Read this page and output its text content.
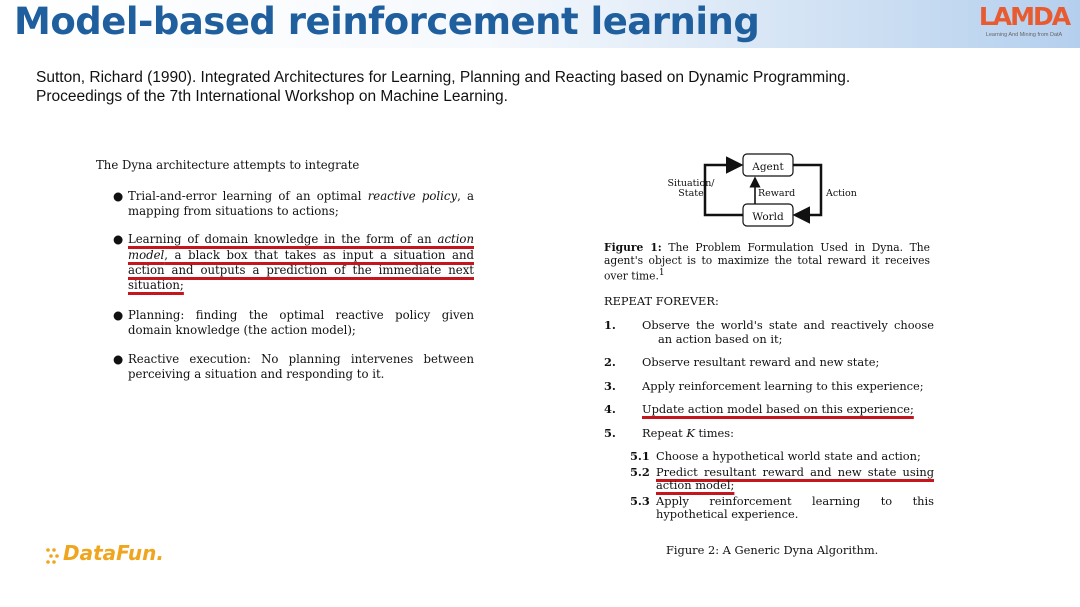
Model-based reinforcement learning	LAMDA
Learning And Mining from DatA
Sutton, Richard (1990). Integrated Architectures for Learning, Planning and Reacting based on Dynamic Programming.
Proceedings of the 7th International Workshop on Machine Learning.

The Dyna architecture attempts to integrate

● Trial-and-error learning of an optimal reactive policy, a mapping from situations to actions;
● Learning of domain knowledge in the form of an action model, a black box that takes as input a situation and action and outputs a prediction of the immediate next situation;
● Planning: finding the optimal reactive policy given domain knowledge (the action model);
● Reactive execution: No planning intervenes between perceiving a situation and responding to it.
Agent
World
Situation/
State	Reward	Action
Figure 1: The Problem Formulation Used in Dyna. The agent's object is to maximize the total reward it receives over time.$^1$

REPEAT FOREVER:

1. Observe the world's state and reactively choose an action based on it;
2. Observe resultant reward and new state;
3. Apply reinforcement learning to this experience;
4. Update action model based on this experience;
5. Repeat K times:
5.1 Choose a hypothetical world state and action;
5.2 Predict resultant reward and new state using action model;
5.3 Apply reinforcement learning to this hypothetical experience.
Figure 2: A Generic Dyna Algorithm.
DataFun.
